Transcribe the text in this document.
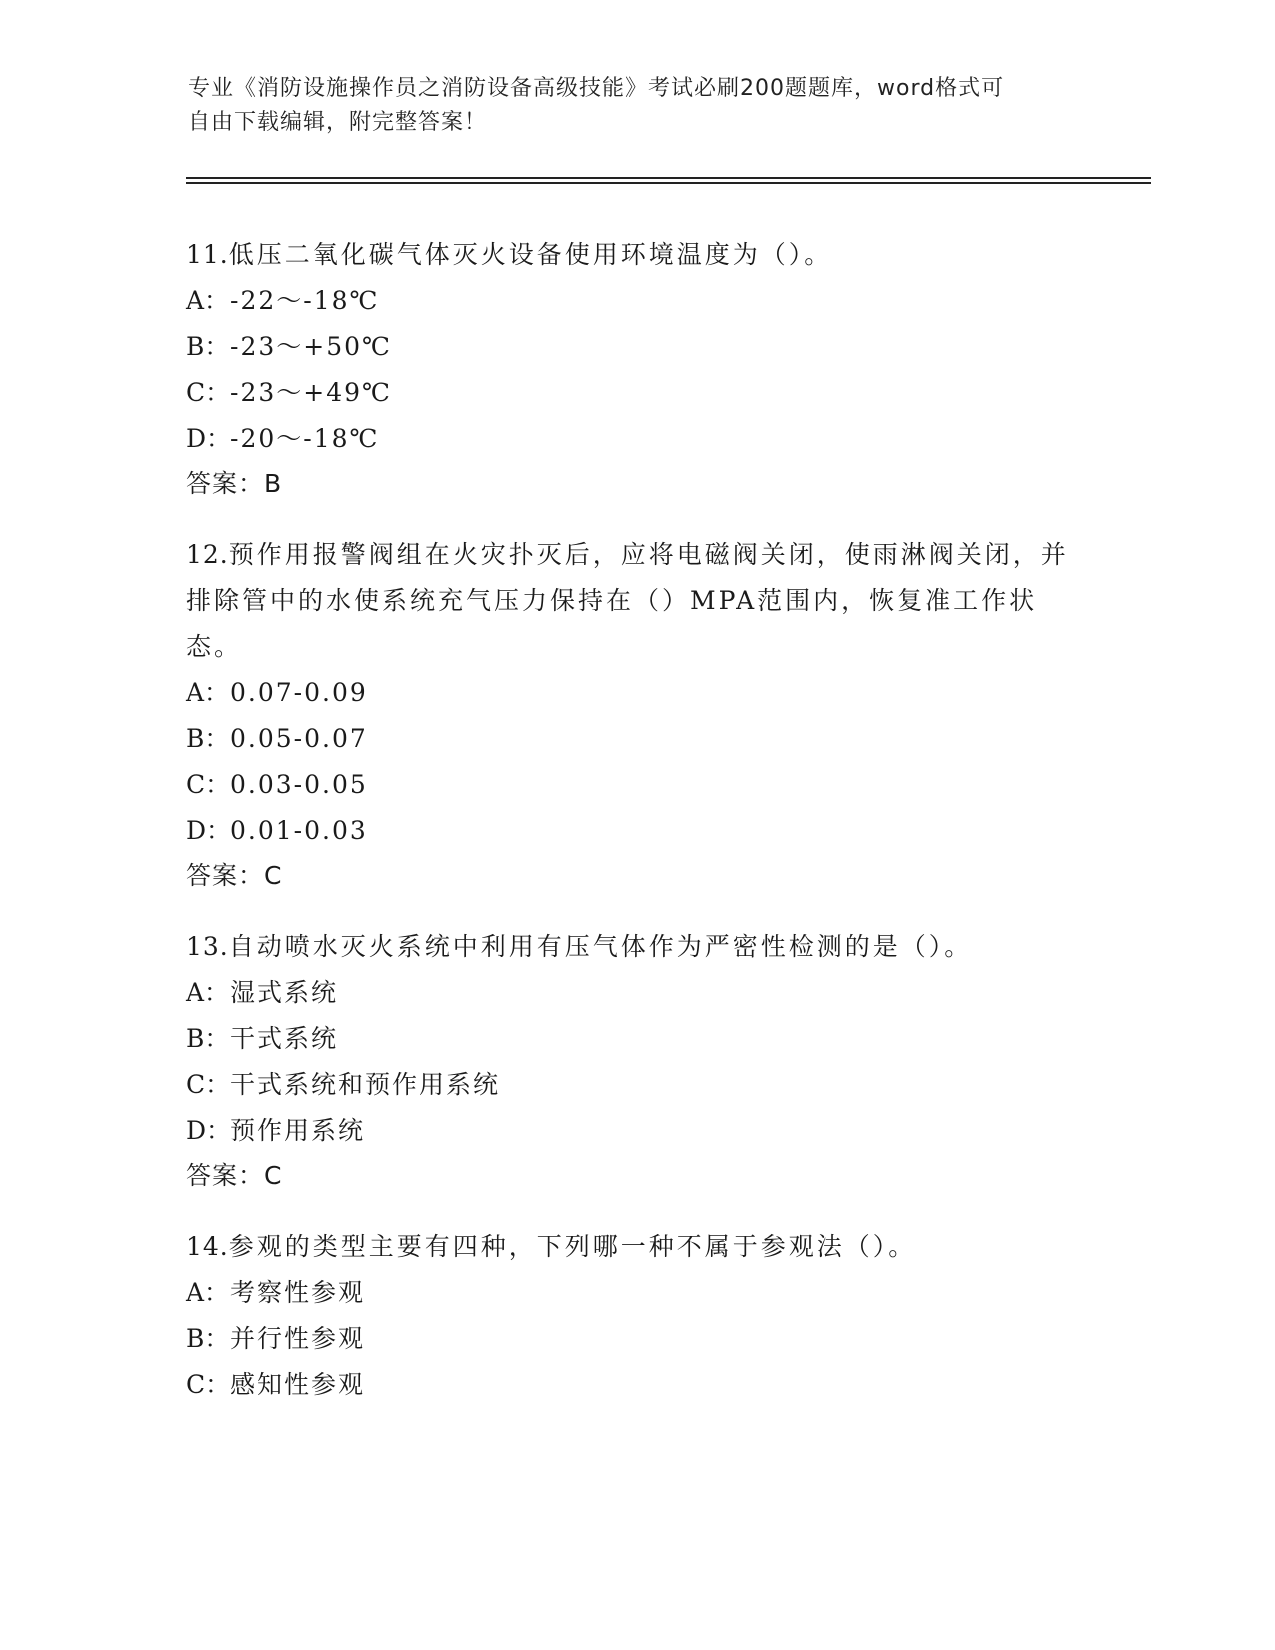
专业《消防设施操作员之消防设备高级技能》考试必刷200题题库，word格式可
自由下载编辑，附完整答案！
11.低压二氧化碳气体灭火设备使用环境温度为（）。
A：-22～-18℃
B：-23～+50℃
C：-23～+49℃
D：-20～-18℃
答案：B
12.预作用报警阀组在火灾扑灭后，应将电磁阀关闭，使雨淋阀关闭，并排除管中的水使系统充气压力保持在（）MPA范围内，恢复准工作状态。
A：0.07-0.09
B：0.05-0.07
C：0.03-0.05
D：0.01-0.03
答案：C
13.自动喷水灭火系统中利用有压气体作为严密性检测的是（）。
A：湿式系统
B：干式系统
C：干式系统和预作用系统
D：预作用系统
答案：C
14.参观的类型主要有四种，下列哪一种不属于参观法（）。
A：考察性参观
B：并行性参观
C：感知性参观
